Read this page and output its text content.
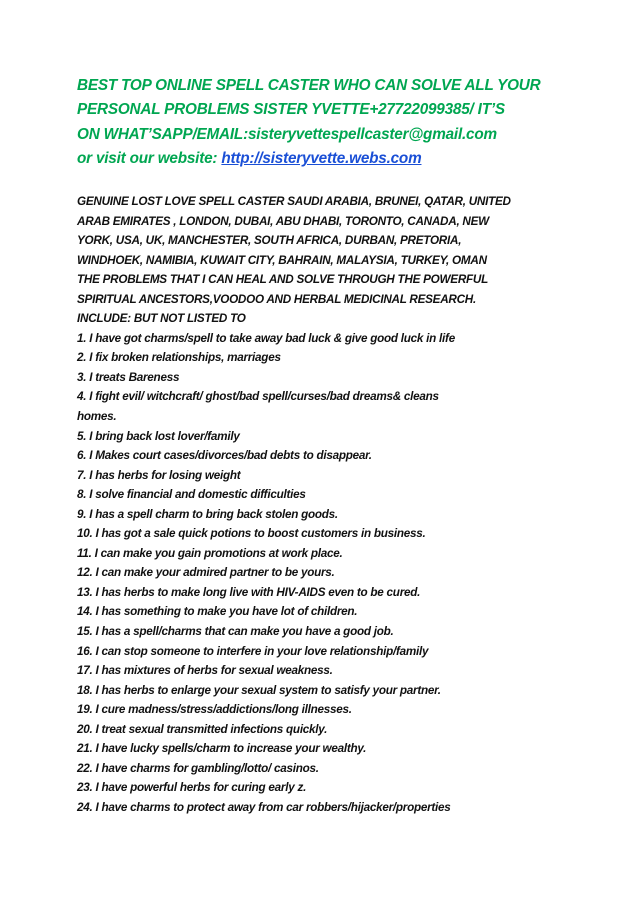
BEST TOP ONLINE SPELL CASTER WHO CAN SOLVE ALL YOUR
PERSONAL PROBLEMS SISTER YVETTE+27722099385/ IT’S
ON WHAT’SAPP/EMAIL:sisteryvettespellcaster@gmail.com
or visit our website: http://sisteryvette.webs.com
GENUINE LOST LOVE SPELL CASTER SAUDI ARABIA, BRUNEI, QATAR, UNITED
ARAB EMIRATES , LONDON, DUBAI, ABU DHABI, TORONTO, CANADA, NEW
YORK, USA, UK, MANCHESTER, SOUTH AFRICA, DURBAN, PRETORIA,
WINDHOEK, NAMIBIA, KUWAIT CITY, BAHRAIN, MALAYSIA, TURKEY, OMAN
THE PROBLEMS THAT I CAN HEAL AND SOLVE THROUGH THE POWERFUL
SPIRITUAL ANCESTORS,VOODOO AND HERBAL MEDICINAL RESEARCH.
INCLUDE: BUT NOT LISTED TO
1. I have got charms/spell to take away bad luck & give good luck in life
2. I fix broken relationships, marriages
3. I treats Bareness
4. I fight evil/ witchcraft/ ghost/bad spell/curses/bad dreams& cleans
homes.
5. I bring back lost lover/family
6. I Makes court cases/divorces/bad debts to disappear.
7. I has herbs for losing weight
8. I solve financial and domestic difficulties
9. I has a spell charm to bring back stolen goods.
10. I has got a sale quick potions to boost customers in business.
11. I can make you gain promotions at work place.
12. I can make your admired partner to be yours.
13. I has herbs to make long live with HIV-AIDS even to be cured.
14. I has something to make you have lot of children.
15. I has a spell/charms that can make you have a good job.
16. I can stop someone to interfere in your love relationship/family
17. I has mixtures of herbs for sexual weakness.
18. I has herbs to enlarge your sexual system to satisfy your partner.
19. I cure madness/stress/addictions/long illnesses.
20. I treat sexual transmitted infections quickly.
21. I have lucky spells/charm to increase your wealthy.
22. I have charms for gambling/lotto/ casinos.
23. I have powerful herbs for curing early z.
24. I have charms to protect away from car robbers/hijacker/properties
